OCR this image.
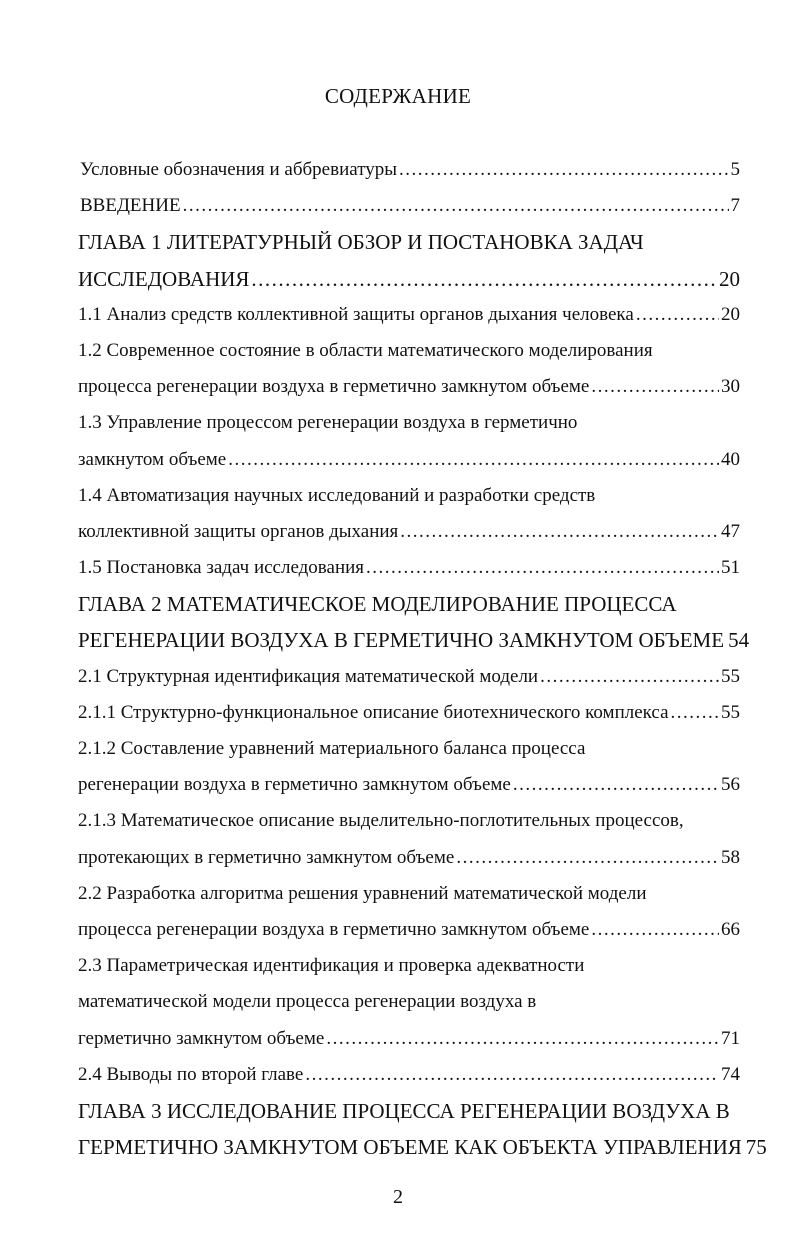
СОДЕРЖАНИЕ
Условные обозначения и аббревиатуры .....	5
ВВЕДЕНИЕ .....	7
ГЛАВА 1 ЛИТЕРАТУРНЫЙ ОБЗОР И ПОСТАНОВКА ЗАДАЧ
ИССЛЕДОВАНИЯ .....	20
1.1 Анализ средств коллективной защиты органов дыхания человека .....	20
1.2 Современное состояние в области математического моделирования
процесса регенерации воздуха в герметично замкнутом объеме .....	30
1.3 Управление процессом регенерации воздуха в герметично
замкнутом объеме .....	40
1.4 Автоматизация научных исследований и разработки средств
коллективной защиты органов дыхания .....	47
1.5 Постановка задач исследования .....	51
ГЛАВА 2 МАТЕМАТИЧЕСКОЕ МОДЕЛИРОВАНИЕ ПРОЦЕССА
РЕГЕНЕРАЦИИ ВОЗДУХА В ГЕРМЕТИЧНО ЗАМКНУТОМ ОБЪЕМЕ 54
2.1 Структурная идентификация математической модели .....	55
2.1.1 Структурно-функциональное описание биотехнического комплекса .....	55
2.1.2 Составление уравнений материального баланса процесса
регенерации воздуха в герметично замкнутом объеме .....	56
2.1.3 Математическое описание выделительно-поглотительных процессов,
протекающих в герметично замкнутом объеме .....	58
2.2 Разработка алгоритма решения уравнений математической модели
процесса регенерации воздуха в герметично замкнутом объеме .....	66
2.3 Параметрическая идентификация и проверка адекватности
математической модели процесса регенерации воздуха в
герметично замкнутом объеме .....	71
2.4 Выводы по второй главе .....	74
ГЛАВА 3 ИССЛЕДОВАНИЕ ПРОЦЕССА РЕГЕНЕРАЦИИ ВОЗДУХА В
ГЕРМЕТИЧНО ЗАМКНУТОМ ОБЪЕМЕ КАК ОБЪЕКТА УПРАВЛЕНИЯ 75
2
